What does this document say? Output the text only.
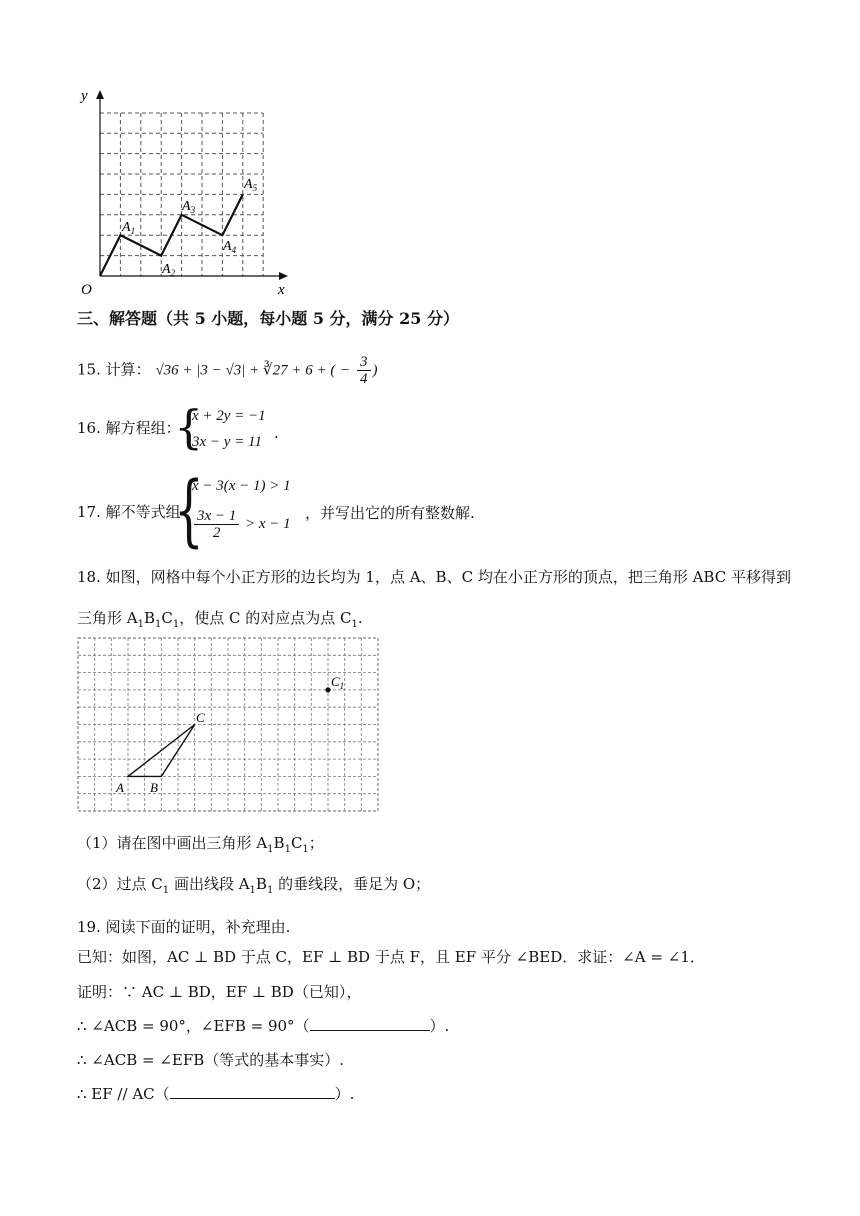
y
x
O
$A_1$
$A_2$
$A_3$
$A_4$
$A_5$
三、解答题（共 5 小题，每小题 5 分，满分 25 分）
15. 计算： √36 + |3 − √3| + ∛27 + 6 + ( − $\frac{3}{4}$ )
16. 解方程组：
{
x + 2y = −1
3x − y = 11 .
17. 解不等式组
{
x − 3(x − 1) > 1
$\frac{3x - 1}{2} > x - 1$
，并写出它的所有整数解.
18. 如图，网格中每个小正方形的边长均为 1，点 A、B、C 均在小正方形的顶点，把三角形 ABC 平移得到
三角形 $A_1B_1C_1$，使点 C 的对应点为点 $C_1$.
A B
C
$C_1$
（1）请在图中画出三角形 $A_1B_1C_1$；
（2）过点 $C_1$ 画出线段 $A_1B_1$ 的垂线段，垂足为 O；
19. 阅读下面的证明，补充理由.
已知：如图，AC ⊥ BD 于点 C，EF ⊥ BD 于点 F，且 EF 平分 ∠BED．求证：∠A = ∠1．
证明：∵ AC ⊥ BD，EF ⊥ BD（已知），
∴ ∠ACB = 90°，∠EFB = 90°（	）.
∴ ∠ACB = ∠EFB（等式的基本事实）.
∴ EF // AC（	）.
